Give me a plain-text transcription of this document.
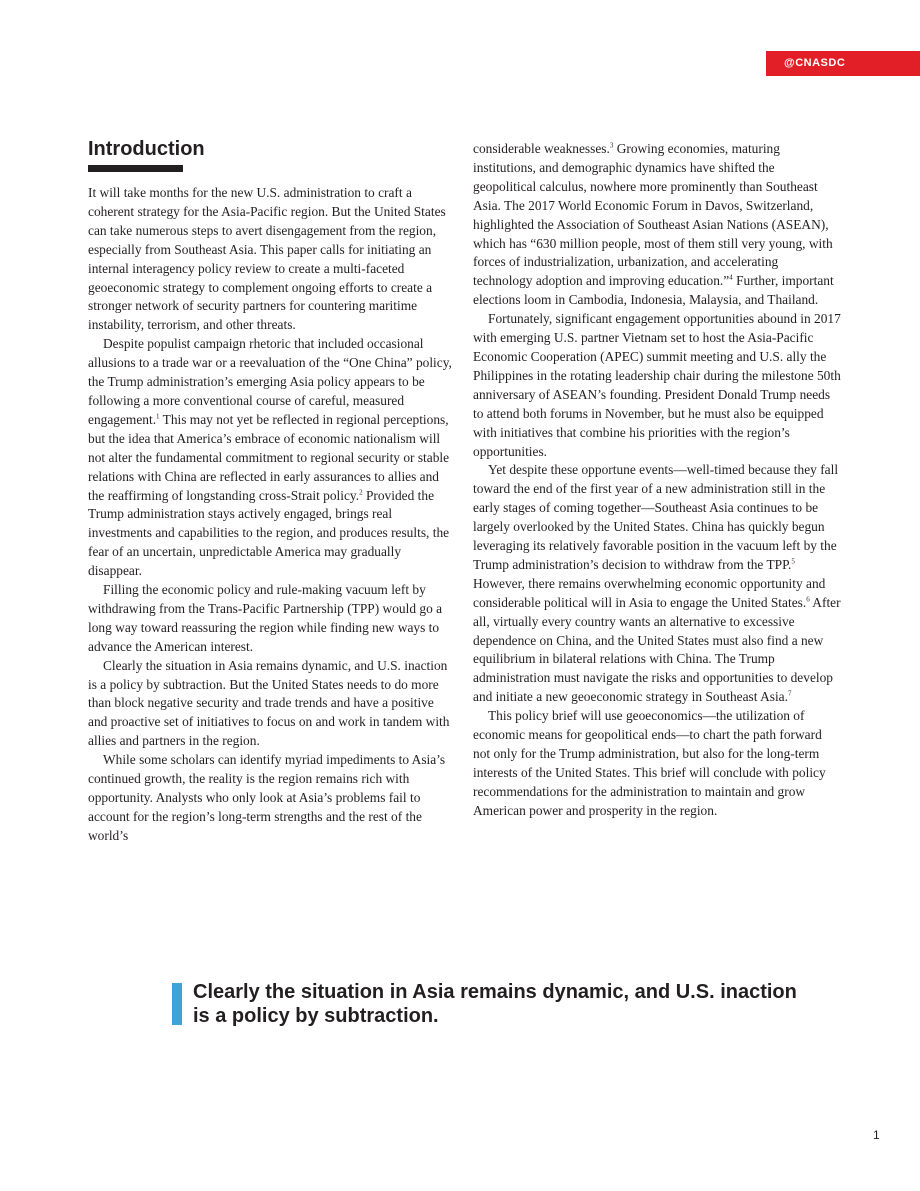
@CNASDC
Introduction

It will take months for the new U.S. administration to craft a coherent strategy for the Asia-Pacific region. But the United States can take numerous steps to avert disengagement from the region, especially from Southeast Asia. This paper calls for initiating an internal interagency policy review to create a multi-faceted geoeconomic strategy to complement ongoing efforts to create a stronger network of security partners for countering maritime instability, terrorism, and other threats.

Despite populist campaign rhetoric that included occasional allusions to a trade war or a reevaluation of the “One China” policy, the Trump administration’s emerging Asia policy appears to be following a more conventional course of careful, measured engagement.$^1$ This may not yet be reflected in regional perceptions, but the idea that America’s embrace of economic nationalism will not alter the fundamental commitment to regional security or stable relations with China are reflected in early assurances to allies and the reaffirming of longstanding cross-Strait policy.$^2$ Provided the Trump administration stays actively engaged, brings real investments and capabilities to the region, and produces results, the fear of an uncertain, unpredictable America may gradually disappear.

Filling the economic policy and rule-making vacuum left by withdrawing from the Trans-Pacific Partnership (TPP) would go a long way toward reassuring the region while finding new ways to advance the American interest.

Clearly the situation in Asia remains dynamic, and U.S. inaction is a policy by subtraction. But the United States needs to do more than block negative security and trade trends and have a positive and proactive set of initiatives to focus on and work in tandem with allies and partners in the region.

While some scholars can identify myriad impediments to Asia’s continued growth, the reality is the region remains rich with opportunity. Analysts who only look at Asia’s problems fail to account for the region’s long-term strengths and the rest of the world’s

considerable weaknesses.$^3$ Growing economies, maturing institutions, and demographic dynamics have shifted the geopolitical calculus, nowhere more prominently than Southeast Asia. The 2017 World Economic Forum in Davos, Switzerland, highlighted the Association of Southeast Asian Nations (ASEAN), which has “630 million people, most of them still very young, with forces of industrialization, urbanization, and accelerating technology adoption and improving education.”$^4$ Further, important elections loom in Cambodia, Indonesia, Malaysia, and Thailand.

Fortunately, significant engagement opportunities abound in 2017 with emerging U.S. partner Vietnam set to host the Asia-Pacific Economic Cooperation (APEC) summit meeting and U.S. ally the Philippines in the rotating leadership chair during the milestone 50th anniversary of ASEAN’s founding. President Donald Trump needs to attend both forums in November, but he must also be equipped with initiatives that combine his priorities with the region’s opportunities.

Yet despite these opportune events—well-timed because they fall toward the end of the first year of a new administration still in the early stages of coming together—Southeast Asia continues to be largely overlooked by the United States. China has quickly begun leveraging its relatively favorable position in the vacuum left by the Trump administration’s decision to withdraw from the TPP.$^5$ However, there remains overwhelming economic opportunity and considerable political will in Asia to engage the United States.$^6$ After all, virtually every country wants an alternative to excessive dependence on China, and the United States must also find a new equilibrium in bilateral relations with China. The Trump administration must navigate the risks and opportunities to develop and initiate a new geoeconomic strategy in Southeast Asia.$^7$

This policy brief will use geoeconomics—the utilization of economic means for geopolitical ends—to chart the path forward not only for the Trump administration, but also for the long-term interests of the United States. This brief will conclude with policy recommendations for the administration to maintain and grow American power and prosperity in the region.

Clearly the situation in Asia remains dynamic, and U.S. inaction is a policy by subtraction.
1
